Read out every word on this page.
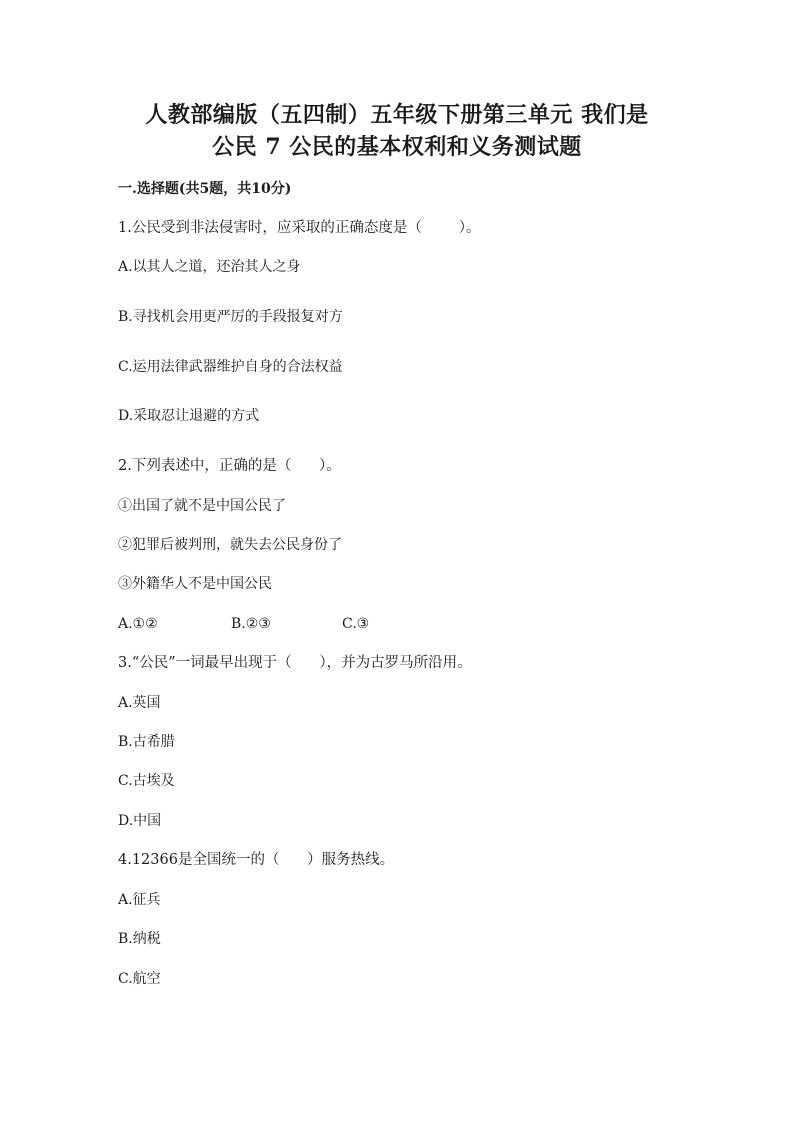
人教部编版（五四制）五年级下册第三单元 我们是
公民 7 公民的基本权利和义务测试题
一.选择题(共5题，共10分)
1.公民受到非法侵害时，应采取的正确态度是（        ）。
A.以其人之道，还治其人之身
B.寻找机会用更严厉的手段报复对方
C.运用法律武器维护自身的合法权益
D.采取忍让退避的方式
2.下列表述中，正确的是（      ）。
①出国了就不是中国公民了
②犯罪后被判刑，就失去公民身份了
③外籍华人不是中国公民
A.①②	B.②③	C.③
3.“公民”一词最早出现于（      ），并为古罗马所沿用。
A.英国
B.古希腊
C.古埃及
D.中国
4.12366是全国统一的（      ）服务热线。
A.征兵
B.纳税
C.航空
